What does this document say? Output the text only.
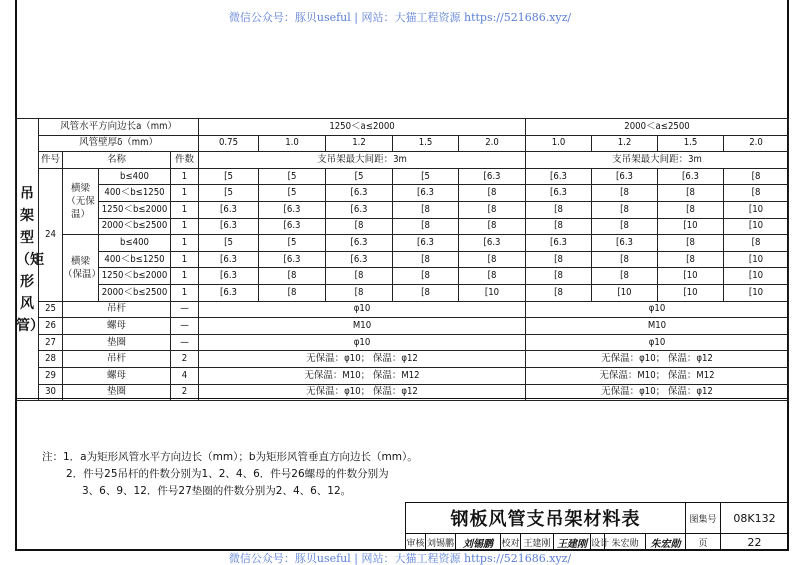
微信公众号：豚贝useful | 网站：大猫工程资源 https://521686.xyz/
吊架型（矩形风管）	风管水平方向边长a（mm）				1250＜a≤2000					2000＜a≤2500			
	风管壁厚δ（mm）				0.75	1.0	1.2	1.5	2.0	1.0	1.2	1.5	2.0
	件号	名称		件数	支吊架最大间距：3m					支吊架最大间距：3m			
	24	横梁（无保温）	b≤400	1	[5	[5	[5	[5	[6.3	[6.3	[6.3	[6.3	[8
			400＜b≤1250	1	[5	[5	[6.3	[6.3	[8	[6.3	[8	[8	[8
			1250＜b≤2000	1	[6.3	[6.3	[6.3	[8	[8	[8	[8	[8	[10
			2000＜b≤2500	1	[6.3	[6.3	[8	[8	[8	[8	[8	[10	[10
		横梁（保温）	b≤400	1	[5	[5	[6.3	[6.3	[6.3	[6.3	[6.3	[8	[8
			400＜b≤1250	1	[6.3	[6.3	[6.3	[8	[8	[8	[8	[8	[10
			1250＜b≤2000	1	[6.3	[8	[8	[8	[8	[8	[8	[10	[10
			2000＜b≤2500	1	[6.3	[8	[8	[8	[10	[8	[10	[10	[10
	25	吊杆		—	φ10					φ10			
	26	螺母		—	M10					M10			
	27	垫圈		—	φ10					φ10			
	28	吊杆		2	无保温：φ10； 保温：φ12					无保温：φ10； 保温：φ12			
	29	螺母		4	无保温：M10； 保温：M12					无保温：M10； 保温：M12			
	30	垫圈		2	无保温：φ10； 保温：φ12					无保温：φ10； 保温：φ12			
注：1．a为矩形风管水平方向边长（mm）；b为矩形风管垂直方向边长（mm）。
2．件号25吊杆的件数分别为1、2、4、6．件号26螺母的件数分别为
3、6、9、12．件号27垫圈的件数分别为2、4、6、12。
钢板风管支吊架材料表									图集号	08K132
审核	刘锡鹏	刘锡鹏	校对	王建刚	王建刚	设计	朱宏勋	朱宏勋	页	22
微信公众号：豚贝useful | 网站：大猫工程资源 https://521686.xyz/
